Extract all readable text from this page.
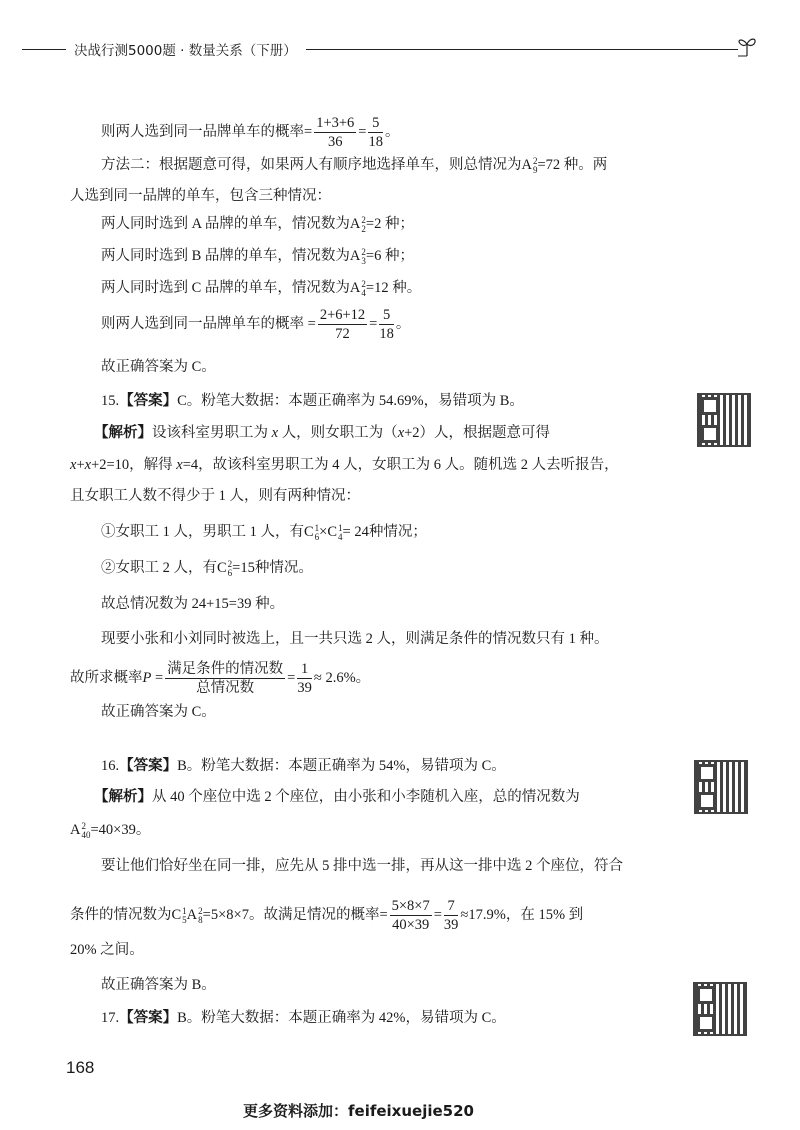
决战行测5000题 · 数量关系（下册）
则两人选到同一品牌单车的概率= $\frac{1+3+6}{36} = \frac{5}{18}$ 。
方法二：根据题意可得，如果两人有顺序地选择单车，则总情况为A 2
9 =72 种。两
人选到同一品牌的单车，包含三种情况：
两人同时选到 A 品牌的单车，情况数为A 2
2 =2 种；
两人同时选到 B 品牌的单车，情况数为A 2
3 =6 种；
两人同时选到 C 品牌的单车，情况数为A 2
4 =12 种。
则两人选到同一品牌单车的概率 = $\frac{2+6+12}{72} = \frac{5}{18}$ 。
故正确答案为 C。
15.【答案】C。粉笔大数据：本题正确率为 54.69%，易错项为 B。
【解析】设该科室男职工为 x 人，则女职工为（x+2）人，根据题意可得
x+x+2=10，解得 x=4，故该科室男职工为 4 人，女职工为 6 人。随机选 2 人去听报告，
且女职工人数不得少于 1 人，则有两种情况：
①女职工 1 人，男职工 1 人，有C 1
6 ×C 1
4 = 24种情况；
②女职工 2 人，有C 2
6 =15种情况。
故总情况数为 24+15=39 种。
现要小张和小刘同时被选上，且一共只选 2 人，则满足条件的情况数只有 1 种。
故所求概率$P = \frac{\text{满足条件的情况数}}{\text{总情况数}} = \frac{1}{39} \approx 2.6\%$。
故正确答案为 C。
16.【答案】B。粉笔大数据：本题正确率为 54%，易错项为 C。
【解析】从 40 个座位中选 2 个座位，由小张和小李随机入座，总的情况数为
A 2
40 =40×39。
要让他们恰好坐在同一排，应先从 5 排中选一排，再从这一排中选 2 个座位，符合
条件的情况数为C 1
5 A 2
8 =5×8×7。故满足情况的概率= $\frac{5\times 8\times 7}{40\times 39} = \frac{7}{39} \approx 17.9\%$，在 15% 到
20% 之间。
故正确答案为 B。
17.【答案】B。粉笔大数据：本题正确率为 42%，易错项为 C。
168
更多资料添加：feifeixuejie520
